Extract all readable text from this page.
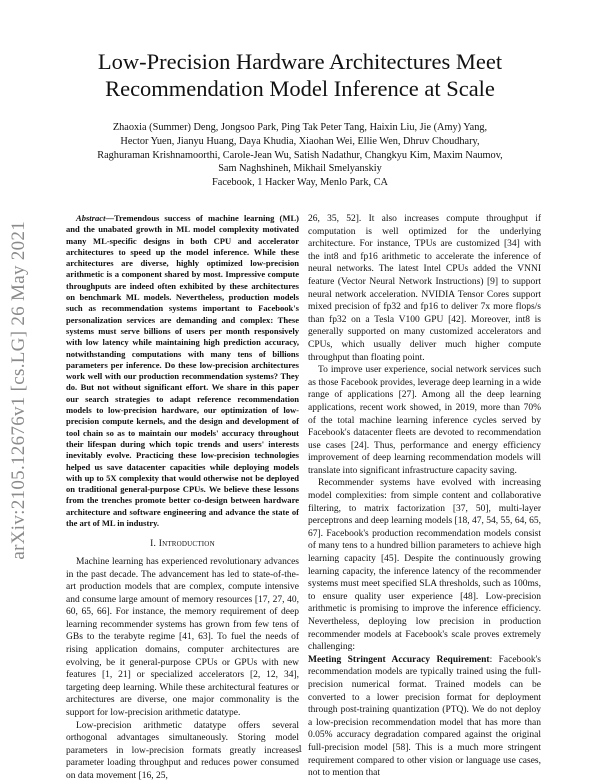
arXiv:2105.12676v1 [cs.LG] 26 May 2021
Low-Precision Hardware Architectures Meet
Recommendation Model Inference at Scale
Zhaoxia (Summer) Deng, Jongsoo Park, Ping Tak Peter Tang, Haixin Liu, Jie (Amy) Yang,
Hector Yuen, Jianyu Huang, Daya Khudia, Xiaohan Wei, Ellie Wen, Dhruv Choudhary,
Raghuraman Krishnamoorthi, Carole-Jean Wu, Satish Nadathur, Changkyu Kim, Maxim Naumov,
Sam Naghshineh, Mikhail Smelyanskiy
Facebook, 1 Hacker Way, Menlo Park, CA

Abstract—Tremendous success of machine learning (ML) and the unabated growth in ML model complexity motivated many ML-specific designs in both CPU and accelerator architectures to speed up the model inference. While these architectures are diverse, highly optimized low-precision arithmetic is a component shared by most. Impressive compute throughputs are indeed often exhibited by these architectures on benchmark ML models. Nevertheless, production models such as recommendation systems important to Facebook's personalization services are demanding and complex: These systems must serve billions of users per month responsively with low latency while maintaining high prediction accuracy, notwithstanding computations with many tens of billions parameters per inference. Do these low-precision architectures work well with our production recommendation systems? They do. But not without significant effort. We share in this paper our search strategies to adapt reference recommendation models to low-precision hardware, our optimization of low-precision compute kernels, and the design and development of tool chain so as to maintain our models' accuracy throughout their lifespan during which topic trends and users' interests inevitably evolve. Practicing these low-precision technologies helped us save datacenter capacities while deploying models with up to 5X complexity that would otherwise not be deployed on traditional general-purpose CPUs. We believe these lessons from the trenches promote better co-design between hardware architecture and software engineering and advance the state of the art of ML in industry.

I. Introduction

Machine learning has experienced revolutionary advances in the past decade. The advancement has led to state-of-the-art production models that are complex, compute intensive and consume large amount of memory resources [17, 27, 40, 60, 65, 66]. For instance, the memory requirement of deep learning recommender systems has grown from few tens of GBs to the terabyte regime [41, 63]. To fuel the needs of rising application domains, computer architectures are evolving, be it general-purpose CPUs or GPUs with new features [1, 21] or specialized accelerators [2, 12, 34], targeting deep learning. While these architectural features or architectures are diverse, one major commonality is the support for low-precision arithmetic datatype.

Low-precision arithmetic datatype offers several orthogonal advantages simultaneously. Storing model parameters in low-precision formats greatly increases parameter loading throughput and reduces power consumed on data movement [16, 25,

26, 35, 52]. It also increases compute throughput if computation is well optimized for the underlying architecture. For instance, TPUs are customized [34] with the int8 and fp16 arithmetic to accelerate the inference of neural networks. The latest Intel CPUs added the VNNI feature (Vector Neural Network Instructions) [9] to support neural network acceleration. NVIDIA Tensor Cores support mixed precision of fp32 and fp16 to deliver 7x more flops/s than fp32 on a Tesla V100 GPU [42]. Moreover, int8 is generally supported on many customized accelerators and CPUs, which usually deliver much higher compute throughput than floating point.

To improve user experience, social network services such as those Facebook provides, leverage deep learning in a wide range of applications [27]. Among all the deep learning applications, recent work showed, in 2019, more than 70% of the total machine learning inference cycles served by Facebook's datacenter fleets are devoted to recommendation use cases [24]. Thus, performance and energy efficiency improvement of deep learning recommendation models will translate into significant infrastructure capacity saving.

Recommender systems have evolved with increasing model complexities: from simple content and collaborative filtering, to matrix factorization [37, 50], multi-layer perceptrons and deep learning models [18, 47, 54, 55, 64, 65, 67]. Facebook's production recommendation models consist of many tens to a hundred billion parameters to achieve high learning capacity [45]. Despite the continuously growing learning capacity, the inference latency of the recommender systems must meet specified SLA thresholds, such as 100ms, to ensure quality user experience [48]. Low-precision arithmetic is promising to improve the inference efficiency. Nevertheless, deploying low precision in production recommender models at Facebook's scale proves extremely challenging:

Meeting Stringent Accuracy Requirement: Facebook's recommendation models are typically trained using the full-precision numerical format. Trained models can be converted to a lower precision format for deployment through post-training quantization (PTQ). We do not deploy a low-precision recommendation model that has more than 0.05% accuracy degradation compared against the original full-precision model [58]. This is a much more stringent requirement compared to other vision or language use cases, not to mention that

1
